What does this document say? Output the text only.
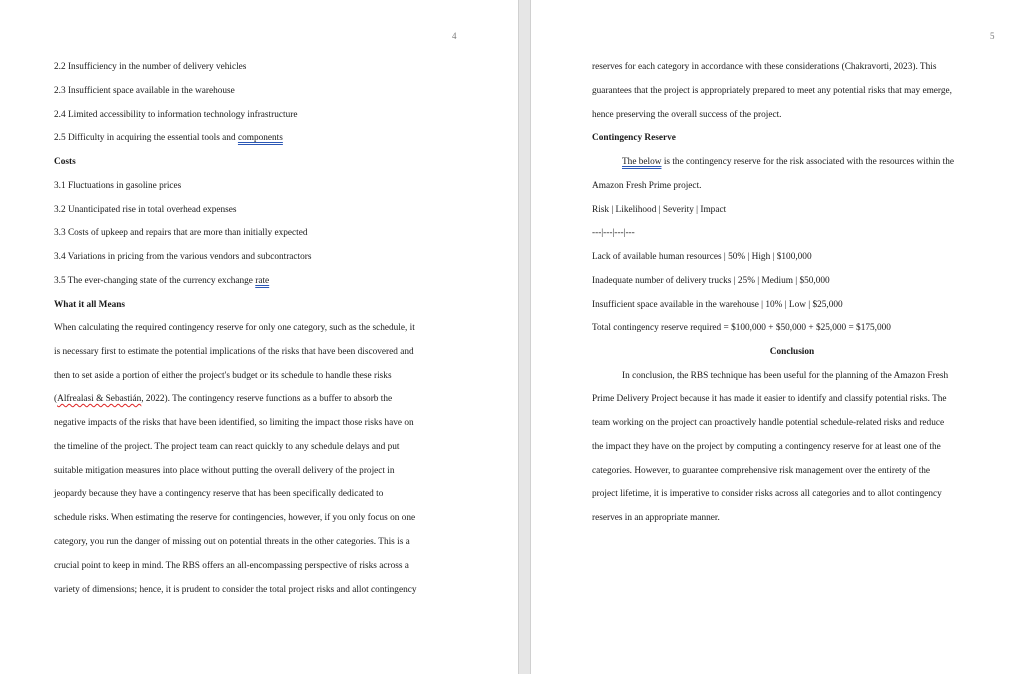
4
2.2 Insufficiency in the number of delivery vehicles
2.3 Insufficient space available in the warehouse
2.4 Limited accessibility to information technology infrastructure
2.5 Difficulty in acquiring the essential tools and components
Costs
3.1 Fluctuations in gasoline prices
3.2 Unanticipated rise in total overhead expenses
3.3 Costs of upkeep and repairs that are more than initially expected
3.4 Variations in pricing from the various vendors and subcontractors
3.5 The ever-changing state of the currency exchange rate
What it all Means
When calculating the required contingency reserve for only one category, such as the schedule, it
is necessary first to estimate the potential implications of the risks that have been discovered and
then to set aside a portion of either the project's budget or its schedule to handle these risks
(Alfrealasi & Sebastián, 2022). The contingency reserve functions as a buffer to absorb the
negative impacts of the risks that have been identified, so limiting the impact those risks have on
the timeline of the project. The project team can react quickly to any schedule delays and put
suitable mitigation measures into place without putting the overall delivery of the project in
jeopardy because they have a contingency reserve that has been specifically dedicated to
schedule risks. When estimating the reserve for contingencies, however, if you only focus on one
category, you run the danger of missing out on potential threats in the other categories. This is a
crucial point to keep in mind. The RBS offers an all-encompassing perspective of risks across a
variety of dimensions; hence, it is prudent to consider the total project risks and allot contingency
5
reserves for each category in accordance with these considerations (Chakravorti, 2023). This
guarantees that the project is appropriately prepared to meet any potential risks that may emerge,
hence preserving the overall success of the project.
Contingency Reserve
The below is the contingency reserve for the risk associated with the resources within the
Amazon Fresh Prime project.
Risk | Likelihood | Severity | Impact
---|---|---|---
Lack of available human resources | 50% | High | $100,000
Inadequate number of delivery trucks | 25% | Medium | $50,000
Insufficient space available in the warehouse | 10% | Low | $25,000
Total contingency reserve required = $100,000 + $50,000 + $25,000 = $175,000
Conclusion
In conclusion, the RBS technique has been useful for the planning of the Amazon Fresh
Prime Delivery Project because it has made it easier to identify and classify potential risks. The
team working on the project can proactively handle potential schedule-related risks and reduce
the impact they have on the project by computing a contingency reserve for at least one of the
categories. However, to guarantee comprehensive risk management over the entirety of the
project lifetime, it is imperative to consider risks across all categories and to allot contingency
reserves in an appropriate manner.
